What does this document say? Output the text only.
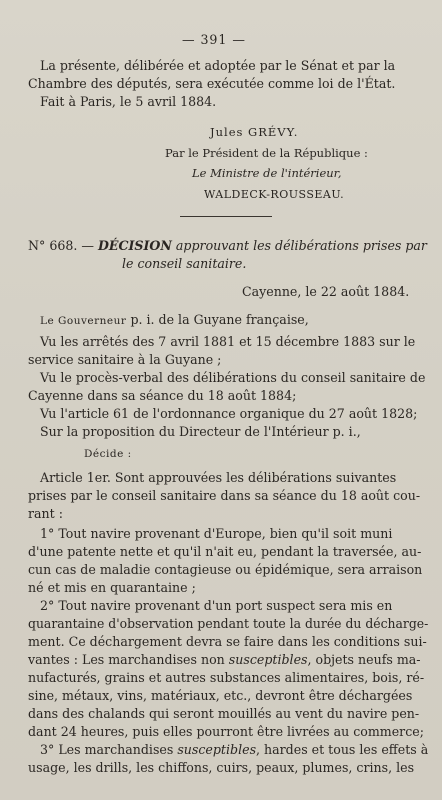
— 391 —
La présente, délibérée et adoptée par le Sénat et par la
Chambre des députés, sera exécutée comme loi de l'État.
Fait à Paris, le 5 avril 1884.
Jules GRÉVY.
Par le Président de la République :
Le Ministre de l'intérieur,
WALDECK-ROUSSEAU.
N° 668. — DÉCISION approuvant les délibérations prises par
le conseil sanitaire.
Cayenne, le 22 août 1884.
Le Gouverneur p. i. de la Guyane française,
Vu les arrêtés des 7 avril 1881 et 15 décembre 1883 sur le
service sanitaire à la Guyane ;
Vu le procès-verbal des délibérations du conseil sanitaire de
Cayenne dans sa séance du 18 août 1884;
Vu l'article 61 de l'ordonnance organique du 27 août 1828;
Sur la proposition du Directeur de l'Intérieur p. i.,
Décide :
Article 1er. Sont approuvées les délibérations suivantes
prises par le conseil sanitaire dans sa séance du 18 août cou-
rant :
1° Tout navire provenant d'Europe, bien qu'il soit muni
d'une patente nette et qu'il n'ait eu, pendant la traversée, au-
cun cas de maladie contagieuse ou épidémique, sera arraison
né et mis en quarantaine ;
2° Tout navire provenant d'un port suspect sera mis en
quarantaine d'observation pendant toute la durée du décharge-
ment. Ce déchargement devra se faire dans les conditions sui-
vantes : Les marchandises non susceptibles, objets neufs ma-
nufacturés, grains et autres substances alimentaires, bois, ré-
sine, métaux, vins, matériaux, etc., devront être déchargées
dans des chalands qui seront mouillés au vent du navire pen-
dant 24 heures, puis elles pourront être livrées au commerce;
3° Les marchandises susceptibles, hardes et tous les effets à
usage, les drills, les chiffons, cuirs, peaux, plumes, crins, les
